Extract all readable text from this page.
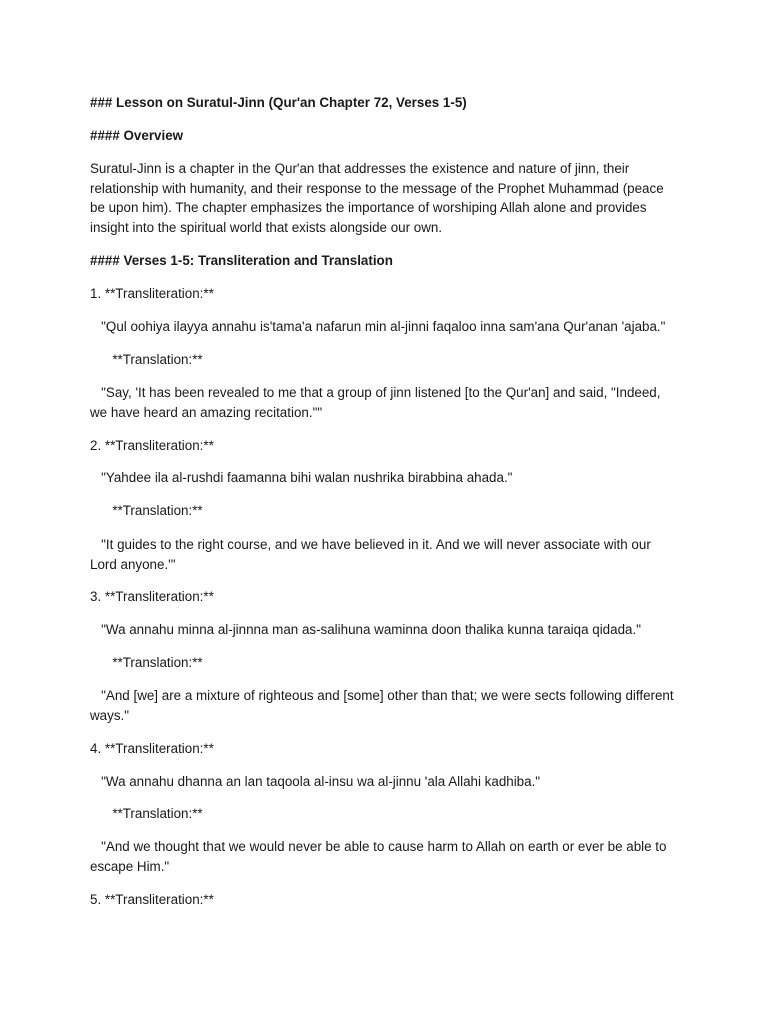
### Lesson on Suratul-Jinn (Qur'an Chapter 72, Verses 1-5)

#### Overview

Suratul-Jinn is a chapter in the Qur'an that addresses the existence and nature of jinn, their relationship with humanity, and their response to the message of the Prophet Muhammad (peace be upon him). The chapter emphasizes the importance of worshiping Allah alone and provides insight into the spiritual world that exists alongside our own.

#### Verses 1-5: Transliteration and Translation

1. **Transliteration:**

"Qul oohiya ilayya annahu is'tama'a nafarun min al-jinni faqaloo inna sam'ana Qur'anan 'ajaba."

**Translation:**

"Say, 'It has been revealed to me that a group of jinn listened [to the Qur'an] and said, "Indeed, we have heard an amazing recitation.""

2. **Transliteration:**

"Yahdee ila al-rushdi faamanna bihi walan nushrika birabbina ahada."

**Translation:**

"It guides to the right course, and we have believed in it. And we will never associate with our Lord anyone.'"

3. **Transliteration:**

"Wa annahu minna al-jinnna man as-salihuna waminna doon thalika kunna taraiqa qidada."

**Translation:**

"And [we] are a mixture of righteous and [some] other than that; we were sects following different ways."

4. **Transliteration:**

"Wa annahu dhanna an lan taqoola al-insu wa al-jinnu 'ala Allahi kadhiba."

**Translation:**

"And we thought that we would never be able to cause harm to Allah on earth or ever be able to escape Him."

5. **Transliteration:**
